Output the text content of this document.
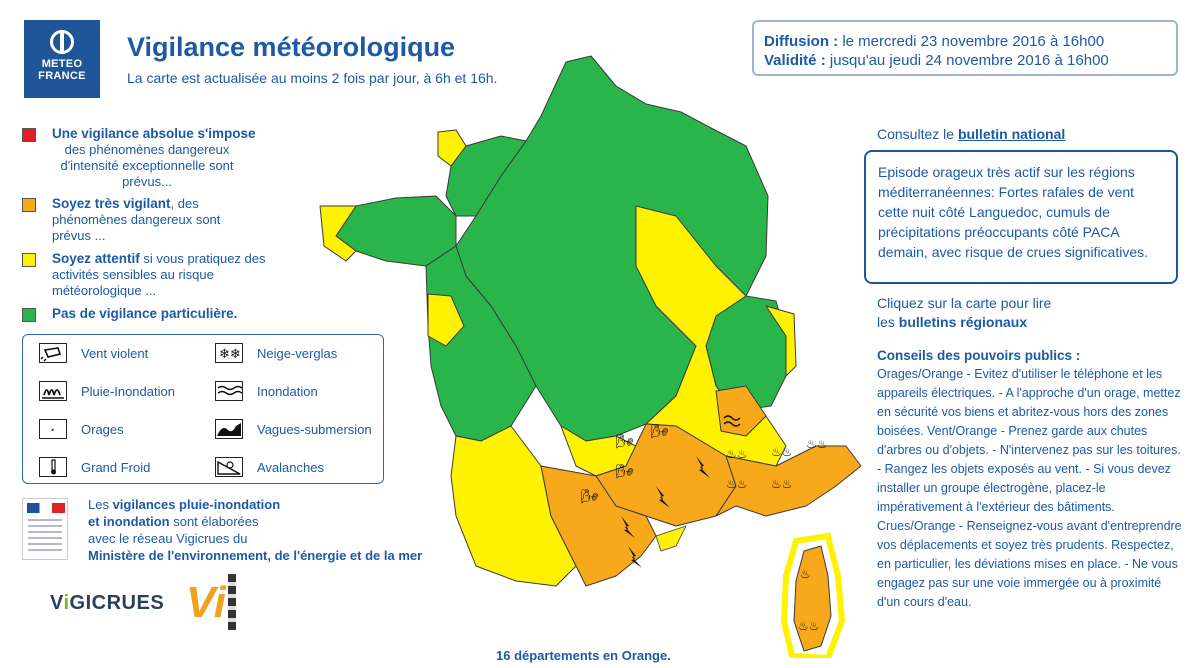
METEO
FRANCE
Vigilance météorologique
La carte est actualisée au moins 2 fois par jour, à 6h et 16h.
Diffusion : le mercredi 23 novembre 2016 à 16h00
Validité : jusqu'au jeudi 24 novembre 2016 à 16h00
Une vigilance absolue s'impose
des phénomènes dangereux d'intensité exceptionnelle sont prévus...
Soyez très vigilant, des phénomènes dangereux sont prévus ...
Soyez attentif si vous pratiquez des activités sensibles au risque météorologique ...
Pas de vigilance particulière.
Vent violent	❄❄ Neige-verglas
Pluie-Inondation	Inondation
Orages	Vagues-submersion
Grand Froid	Avalanches
Les vigilances pluie-inondation
et inondation sont élaborées
avec le réseau Vigicrues du
Ministère de l'environnement, de l'énergie et de la mer
ViGICRUES Vi
🌬
🌬
🌬
🌬
♨♨ ♨♨
♨♨
♨♨ ♨♨
♨
♨♨
16 départements en Orange.
Consultez le bulletin national
Episode orageux très actif sur les régions méditerranéennes: Fortes rafales de vent cette nuit côté Languedoc, cumuls de précipitations préoccupants côté PACA demain, avec risque de crues significatives.
Cliquez sur la carte pour lire
les bulletins régionaux
Conseils des pouvoirs publics :
Orages/Orange - Evitez d'utiliser le téléphone et les appareils électriques. - A l'approche d'un orage, mettez en sécurité vos biens et abritez-vous hors des zones boisées. Vent/Orange - Prenez garde aux chutes d'arbres ou d'objets. - N'intervenez pas sur les toitures. - Rangez les objets exposés au vent. - Si vous devez installer un groupe électrogène, placez-le impérativement à l'extérieur des bâtiments. Crues/Orange - Renseignez-vous avant d'entreprendre vos déplacements et soyez très prudents. Respectez, en particulier, les déviations mises en place. - Ne vous engagez pas sur une voie immergée ou à proximité d'un cours d'eau.
